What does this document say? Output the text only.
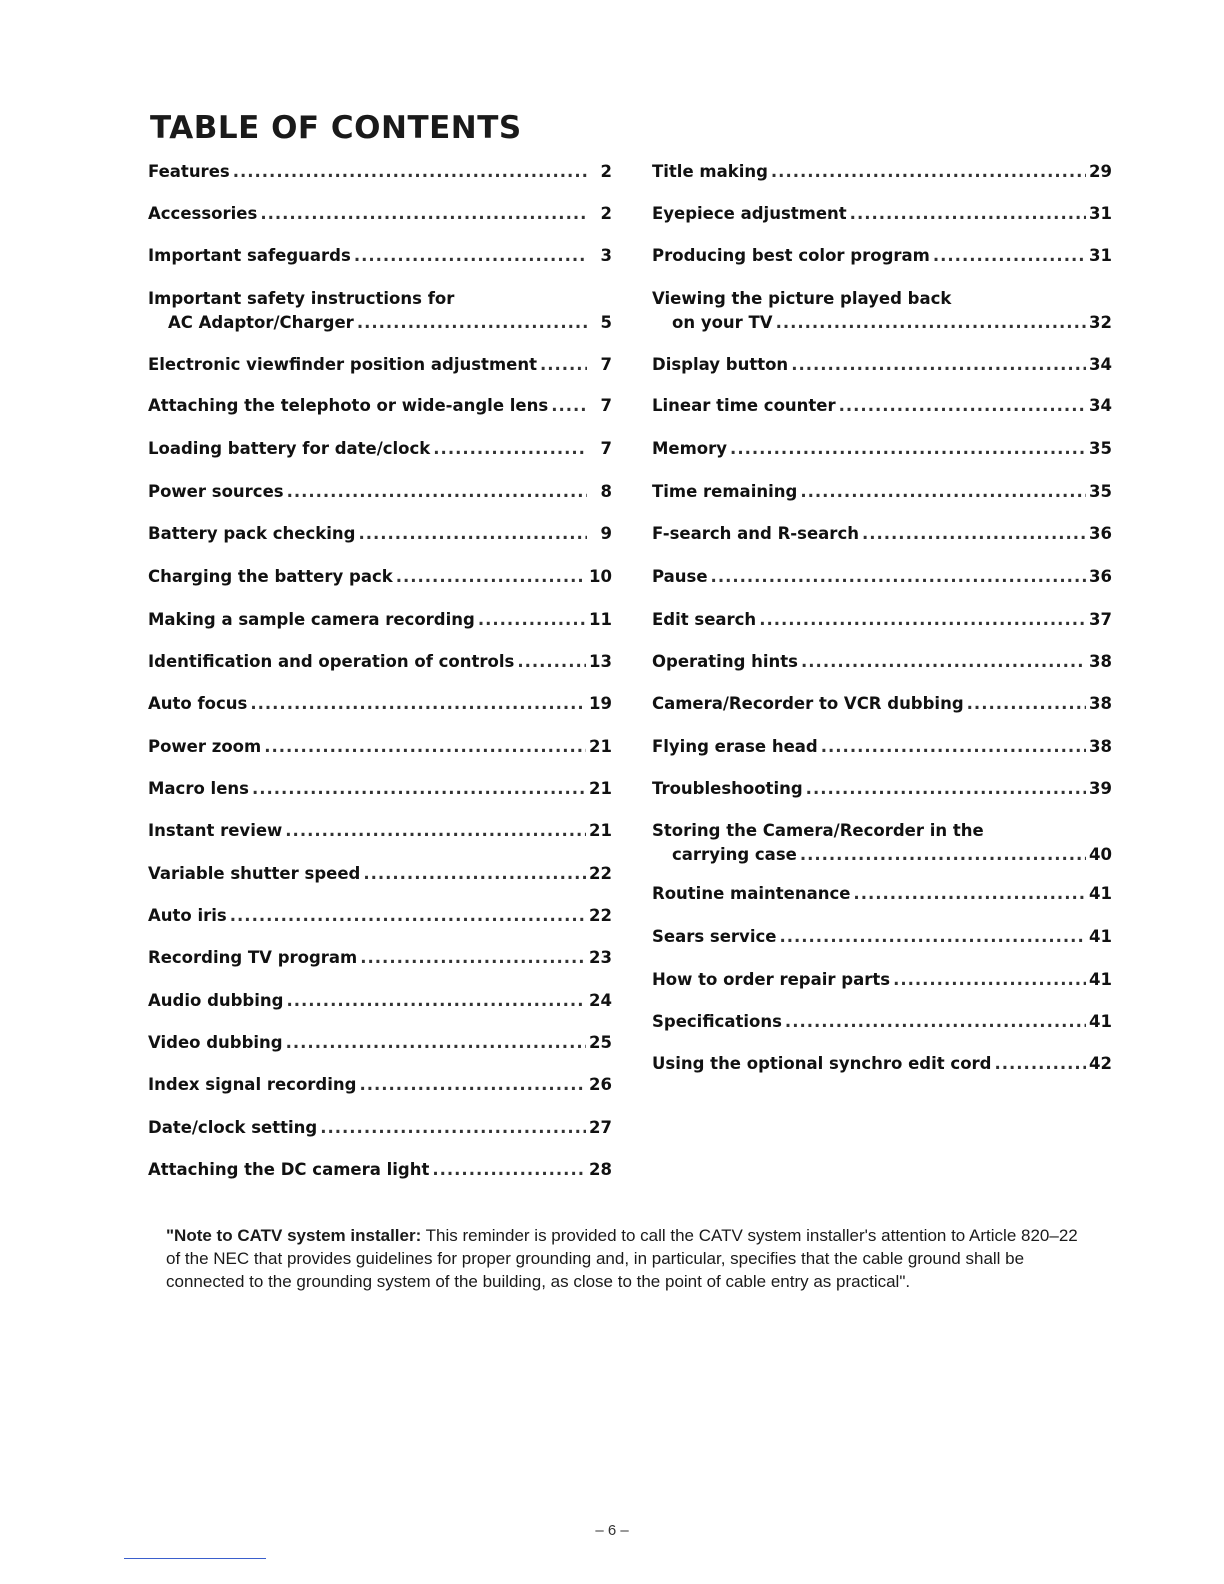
TABLE OF CONTENTS
Features .....	2
Accessories .....	2
Important safeguards .....	3
Important safety instructions for
AC Adaptor/Charger .....	5
Electronic viewfinder position adjustment .....	7
Attaching the telephoto or wide-angle lens .....	7
Loading battery for date/clock .....	7
Power sources .....	8
Battery pack checking .....	9
Charging the battery pack .....	10
Making a sample camera recording .....	11
Identification and operation of controls .....	13
Auto focus .....	19
Power zoom .....	21
Macro lens .....	21
Instant review .....	21
Variable shutter speed .....	22
Auto iris .....	22
Recording TV program .....	23
Audio dubbing .....	24
Video dubbing .....	25
Index signal recording .....	26
Date/clock setting .....	27
Attaching the DC camera light .....	28
Title making .....	29
Eyepiece adjustment .....	31
Producing best color program .....	31
Viewing the picture played back
on your TV .....	32
Display button .....	34
Linear time counter .....	34
Memory .....	35
Time remaining .....	35
F-search and R-search .....	36
Pause .....	36
Edit search .....	37
Operating hints .....	38
Camera/Recorder to VCR dubbing .....	38
Flying erase head .....	38
Troubleshooting .....	39
Storing the Camera/Recorder in the
carrying case .....	40
Routine maintenance .....	41
Sears service .....	41
How to order repair parts .....	41
Specifications .....	41
Using the optional synchro edit cord .....	42
"Note to CATV system installer: This reminder is provided to call the CATV system installer's attention to Article 820–22 of the NEC that provides guidelines for proper grounding and, in particular, specifies that the cable ground shall be connected to the grounding system of the building, as close to the point of cable entry as practical".
– 6 –
